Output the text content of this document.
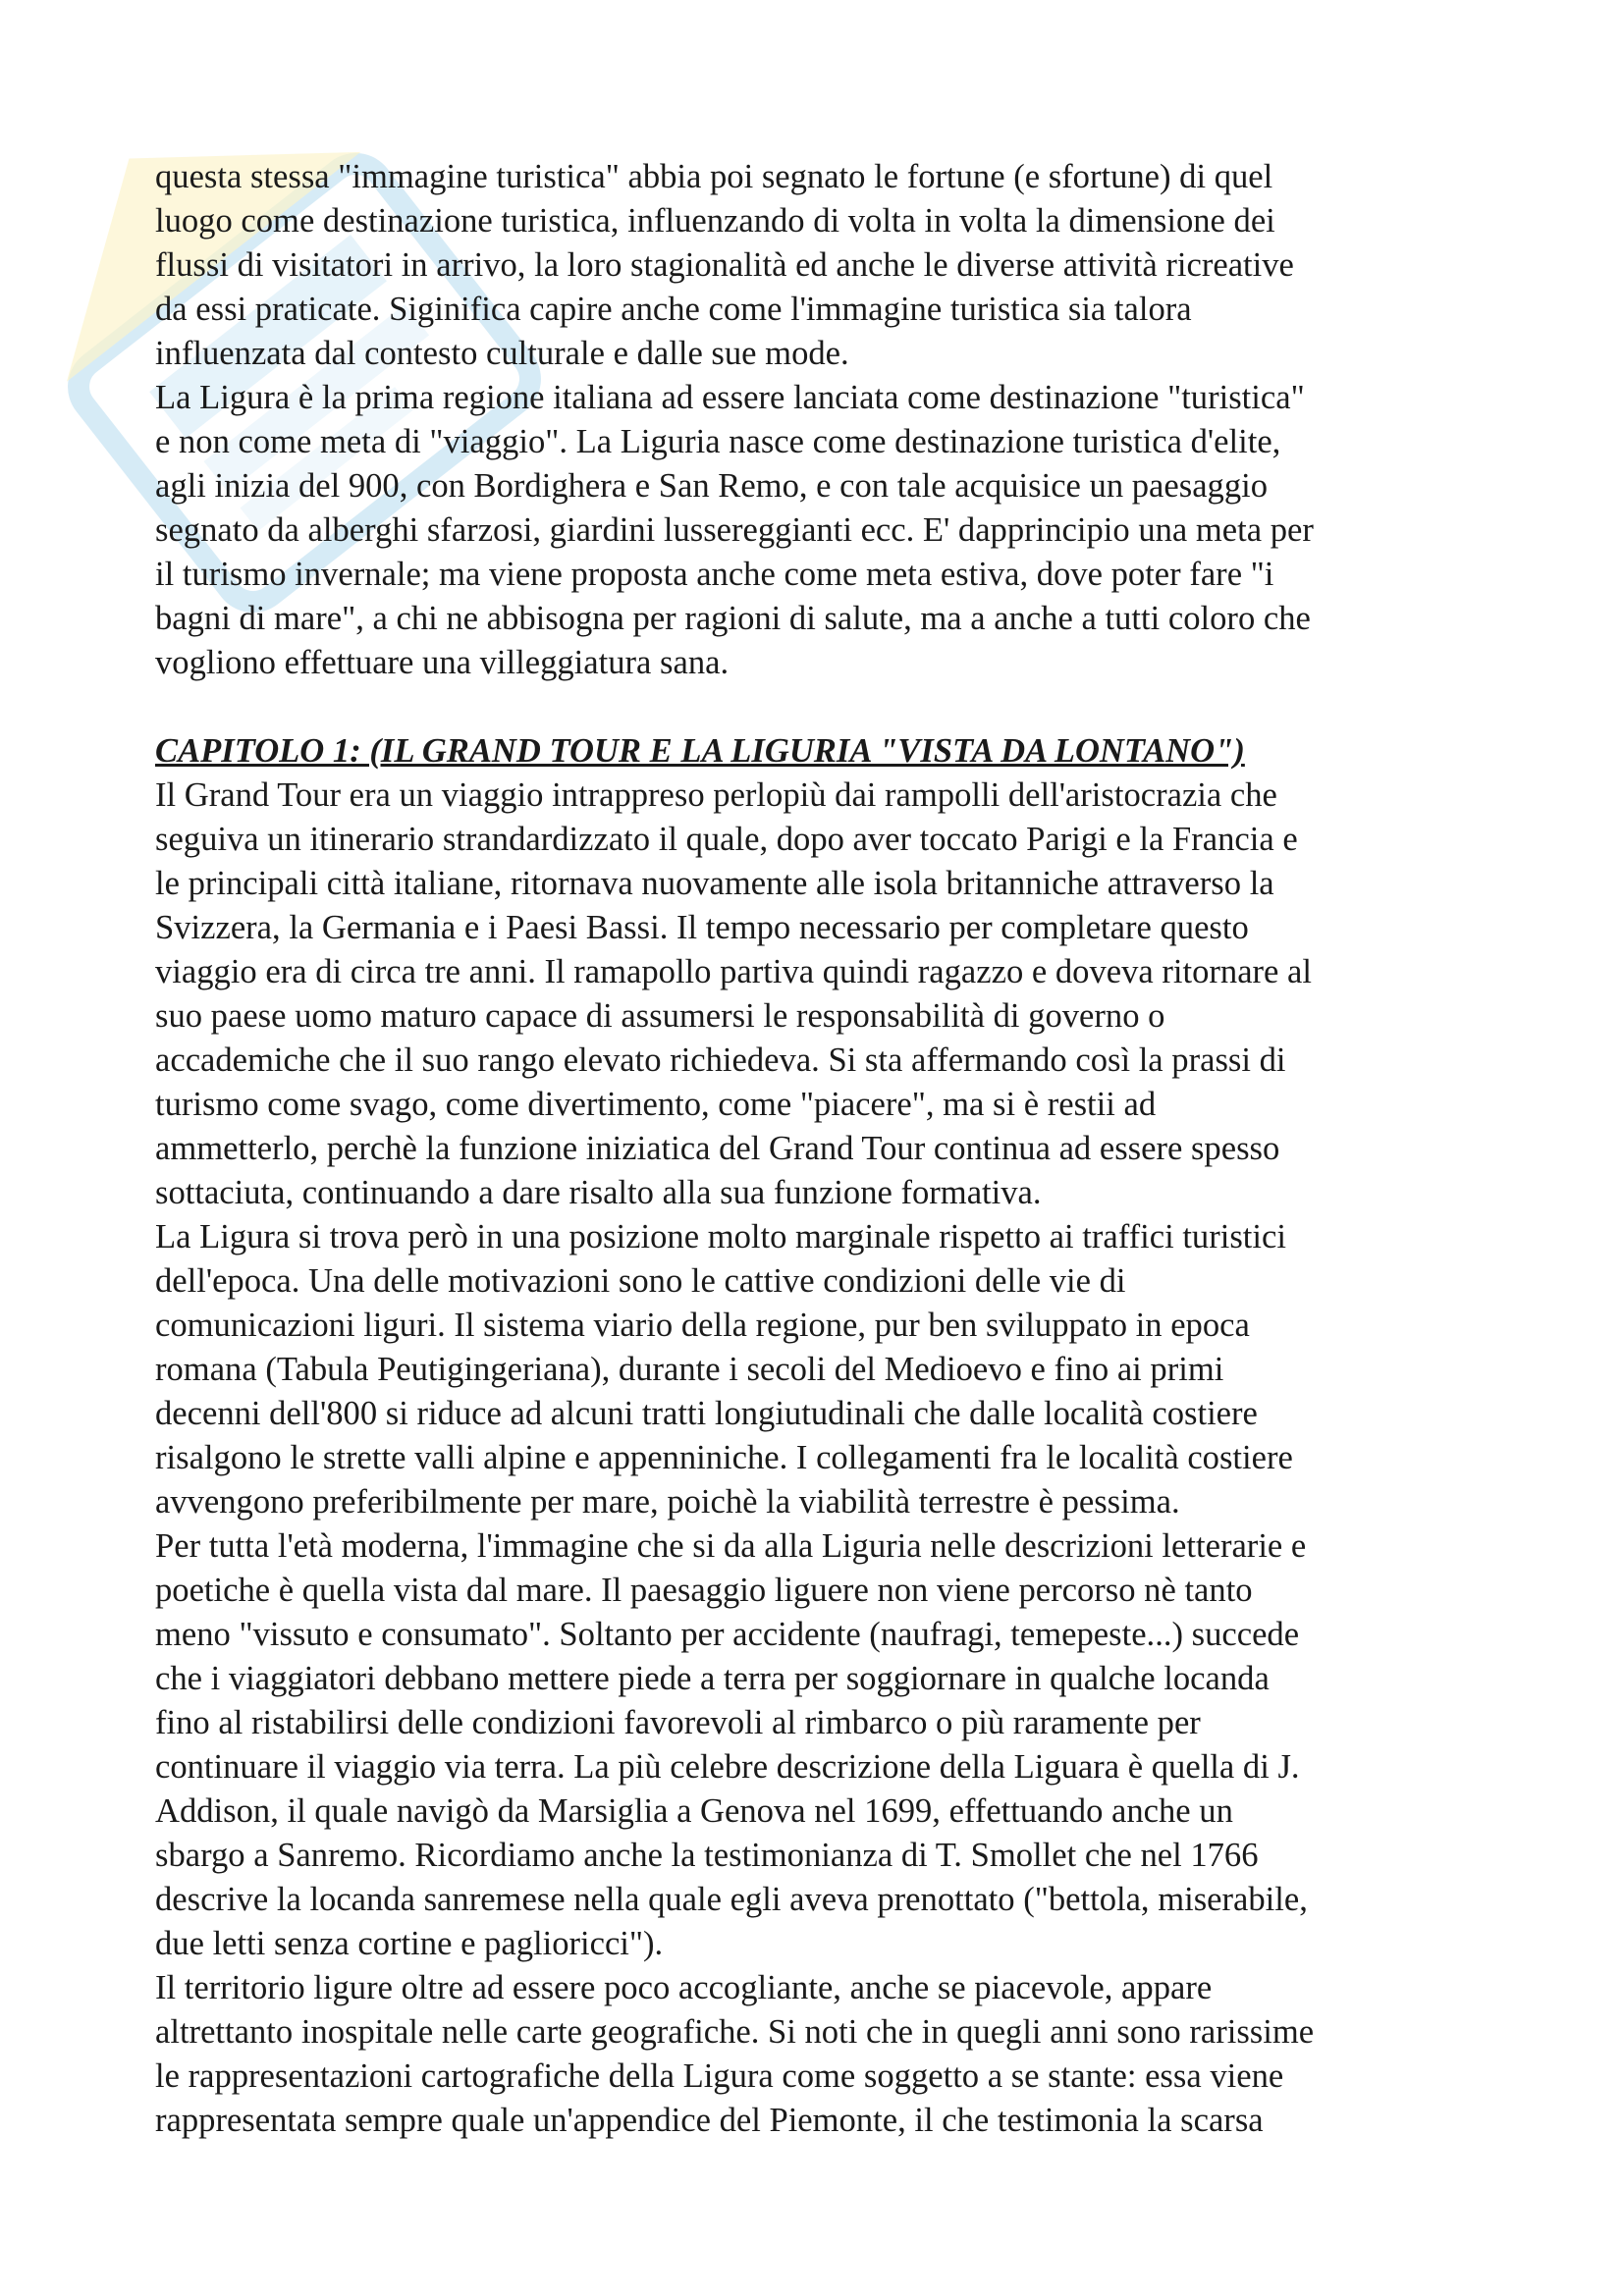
questa stessa "immagine turistica" abbia poi segnato le fortune (e sfortune) di quel
luogo come destinazione turistica, influenzando di volta in volta la dimensione dei
flussi di visitatori in arrivo, la loro stagionalità ed anche le diverse attività ricreative
da essi praticate. Siginifica capire anche come l'immagine turistica sia talora
influenzata dal contesto culturale e dalle sue mode.

La Ligura è la prima regione italiana ad essere lanciata come destinazione "turistica"
e non come meta di "viaggio". La Liguria nasce come destinazione turistica d'elite,
agli inizia del 900, con Bordighera e San Remo, e con tale acquisice un paesaggio
segnato da alberghi sfarzosi, giardini lussereggianti ecc. E' dapprincipio una meta per
il turismo invernale; ma viene proposta anche come meta estiva, dove poter fare "i
bagni di mare", a chi ne abbisogna per ragioni di salute, ma a anche a tutti coloro che
vogliono effettuare una villeggiatura sana.

CAPITOLO 1: (IL GRAND TOUR E LA LIGURIA "VISTA DA LONTANO")

Il Grand Tour era un viaggio intrappreso perlopiù dai rampolli dell'aristocrazia che
seguiva un itinerario strandardizzato il quale, dopo aver toccato Parigi e la Francia e
le principali città italiane, ritornava nuovamente alle isola britanniche attraverso la
Svizzera, la Germania e i Paesi Bassi. Il tempo necessario per completare questo
viaggio era di circa tre anni. Il ramapollo partiva quindi ragazzo e doveva ritornare al
suo paese uomo maturo capace di assumersi le responsabilità di governo o
accademiche che il suo rango elevato richiedeva. Si sta affermando così la prassi di
turismo come svago, come divertimento, come "piacere", ma si è restii ad
ammetterlo, perchè la funzione iniziatica del Grand Tour continua ad essere spesso
sottaciuta, continuando a dare risalto alla sua funzione formativa.

La Ligura si trova però in una posizione molto marginale rispetto ai traffici turistici
dell'epoca. Una delle motivazioni sono le cattive condizioni delle vie di
comunicazioni liguri. Il sistema viario della regione, pur ben sviluppato in epoca
romana (Tabula Peutigingeriana), durante i secoli del Medioevo e fino ai primi
decenni dell'800 si riduce ad alcuni tratti longiutudinali che dalle località costiere
risalgono le strette valli alpine e appenniniche. I collegamenti fra le località costiere
avvengono preferibilmente per mare, poichè la viabilità terrestre è pessima.

Per tutta l'età moderna, l'immagine che si da alla Liguria nelle descrizioni letterarie e
poetiche è quella vista dal mare. Il paesaggio liguere non viene percorso nè tanto
meno "vissuto e consumato". Soltanto per accidente (naufragi, temepeste...) succede
che i viaggiatori debbano mettere piede a terra per soggiornare in qualche locanda
fino al ristabilirsi delle condizioni favorevoli al rimbarco o più raramente per
continuare il viaggio via terra. La più celebre descrizione della Liguara è quella di J.
Addison, il quale navigò da Marsiglia a Genova nel 1699, effettuando anche un
sbargo a Sanremo. Ricordiamo anche la testimonianza di T. Smollet che nel 1766
descrive la locanda sanremese nella quale egli aveva prenottato ("bettola, miserabile,
due letti senza cortine e paglioricci").

Il territorio ligure oltre ad essere poco accogliante, anche se piacevole, appare
altrettanto inospitale nelle carte geografiche. Si noti che in quegli anni sono rarissime
le rappresentazioni cartografiche della Ligura come soggetto a se stante: essa viene
rappresentata sempre quale un'appendice del Piemonte, il che testimonia la scarsa
